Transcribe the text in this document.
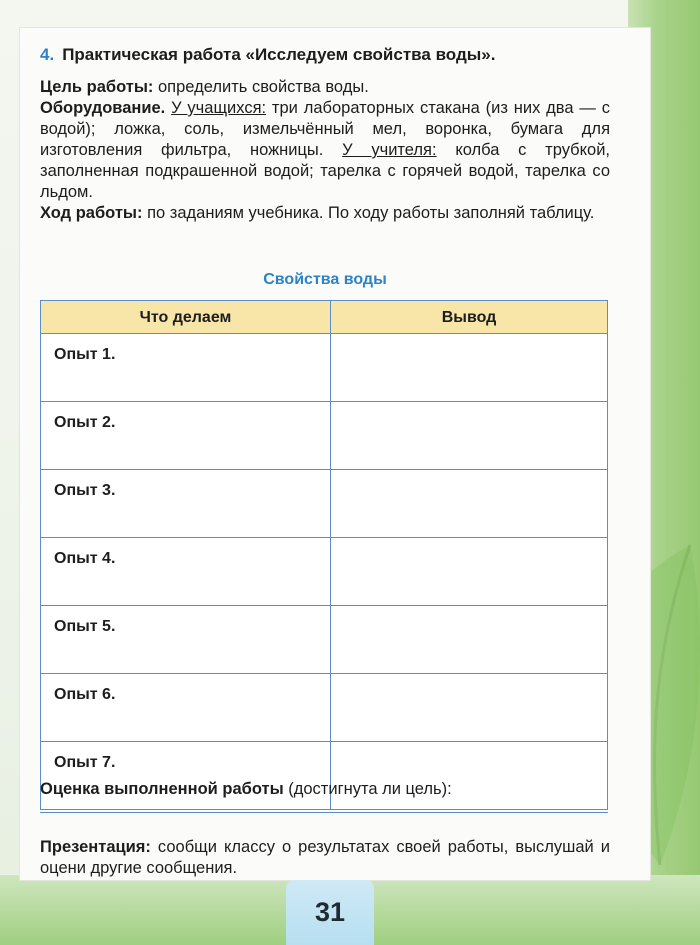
4. Практическая работа «Исследуем свойства воды».

Цель работы: определить свойства воды.

Оборудование. У учащихся: три лабораторных стакана (из них два — с водой); ложка, соль, измельчённый мел, воронка, бумага для изготовления фильтра, ножницы. У учителя: колба с трубкой, заполненная подкрашенной водой; тарелка с горячей водой, тарелка со льдом.

Ход работы: по заданиям учебника. По ходу работы заполняй таблицу.

Свойства воды
Что делаем	Вывод
Опыт 1.	
Опыт 2.	
Опыт 3.	
Опыт 4.	
Опыт 5.	
Опыт 6.	
Опыт 7.	
Оценка выполненной работы (достигнута ли цель):
Презентация: сообщи классу о результатах своей работы, выслушай и оцени другие сообщения.
31
